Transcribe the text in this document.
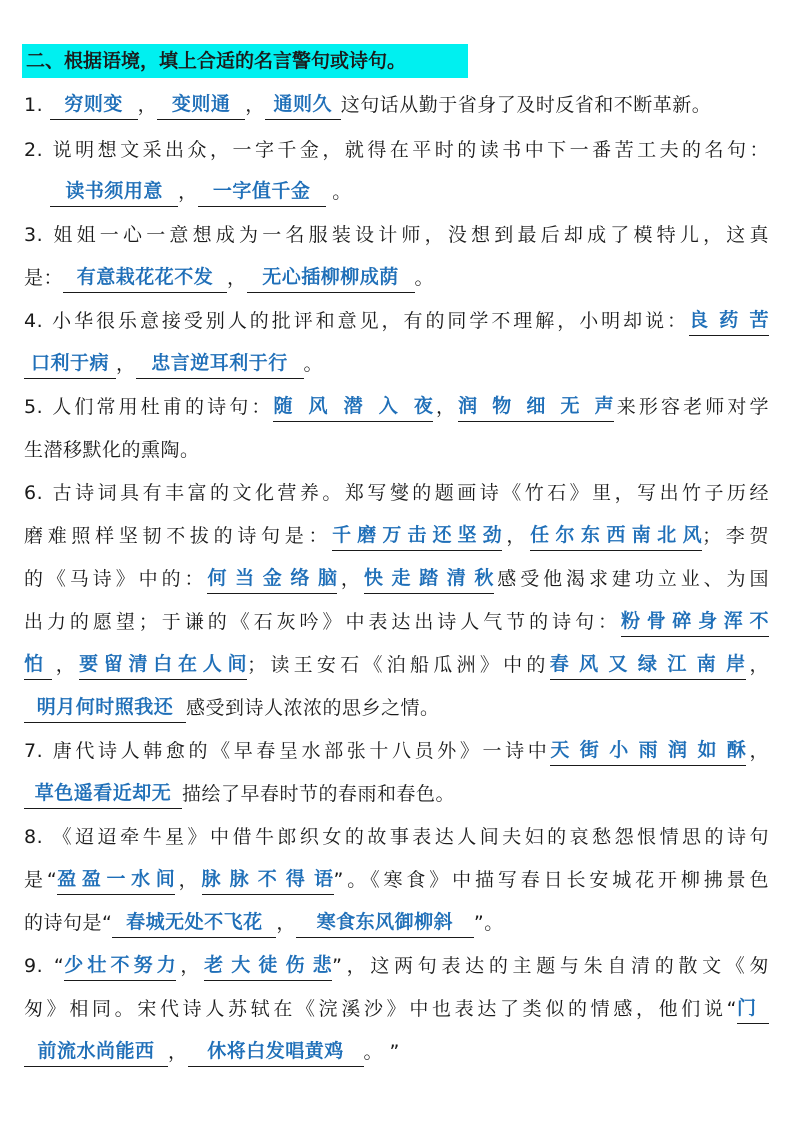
二、根据语境，填上合适的名言警句或诗句。
1. 穷则变 ， 变则通 ， 通则久 这句话从勤于省身了及时反省和不断革新。
2. 说明想文采出众，一字千金，就得在平时的读书中下一番苦工夫的名句：
读书须用意 ， 一字值千金 。
3. 姐姐一心一意想成为一名服装设计师，没想到最后却成了模特儿，这真
是： 有意栽花花不发 ， 无心插柳柳成荫 。
4. 小华很乐意接受别人的批评和意见，有的同学不理解，小明却说：良药苦
口利于病 ， 忠言逆耳利于行 。
5. 人们常用杜甫的诗句：随风潜入夜，润物细无声来形容老师对学
生潜移默化的熏陶。
6. 古诗词具有丰富的文化营养。郑写燮的题画诗《竹石》里，写出竹子历经
磨难照样坚韧不拔的诗句是：千磨万击还坚劲，任尔东西南北风；李贺
的《马诗》中的：何当金络脑，快走踏清秋感受他渴求建功立业、为国
出力的愿望；于谦的《石灰吟》中表达出诗人气节的诗句：粉骨碎身浑不
怕 ，要留清白在人间；读王安石《泊船瓜洲》中的春风又绿江南岸，
明月何时照我还 感受到诗人浓浓的思乡之情。
7. 唐代诗人韩愈的《早春呈水部张十八员外》一诗中天街小雨润如酥，
草色遥看近却无 描绘了早春时节的春雨和春色。
8. 《迢迢牵牛星》中借牛郎织女的故事表达人间夫妇的哀愁怨恨情思的诗句
是“盈盈一水间，脉脉不得语”。《寒食》中描写春日长安城花开柳拂景色
的诗句是“ 春城无处不飞花 ， 寒食东风御柳斜 ”。
9. “少壮不努力，老大徒伤悲”，这两句表达的主题与朱自清的散文《匆
匆》相同。宋代诗人苏轼在《浣溪沙》中也表达了类似的情感，他们说“门
前流水尚能西 ， 休将白发唱黄鸡 。 ”
